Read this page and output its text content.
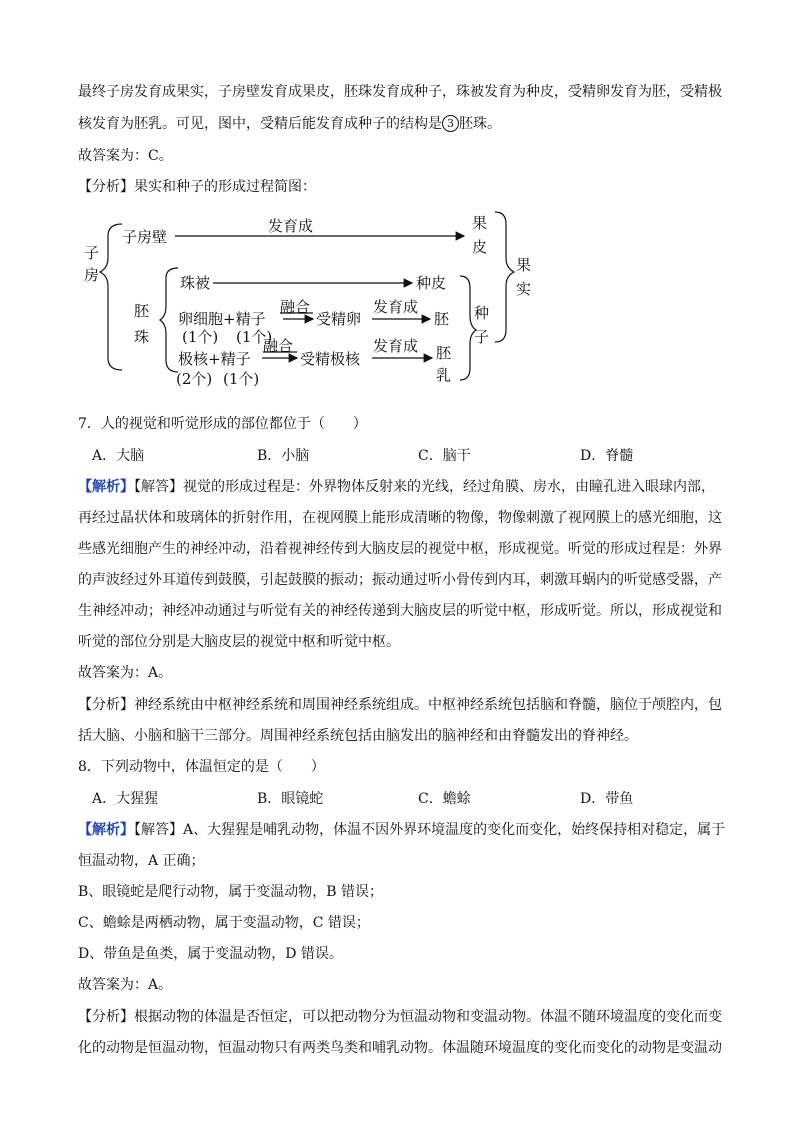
最终子房发育成果实，子房壁发育成果皮，胚珠发育成种子，珠被发育为种皮，受精卵发育为胚，受精极
核发育为胚乳。可见，图中，受精后能发育成种子的结构是 3 胚珠。
故答案为：C。
【分析】果实和种子的形成过程简图：
子
房
子房壁
发育成	果
皮
果
实
胚
珠
珠被	种皮
卵细胞+精子
(1个) (1个)
融合
受精卵
发育成
胚 种
子
极核+精子
(2个) (1个)
融合
受精极核
发育成 胚
乳
7．人的视觉和听觉形成的部位都位于（　　）
A．大脑	B．小脑	C．脑干	D．脊髓
【解析】【解答】视觉的形成过程是：外界物体反射来的光线，经过角膜、房水，由瞳孔进入眼球内部，
再经过晶状体和玻璃体的折射作用，在视网膜上能形成清晰的物像，物像刺激了视网膜上的感光细胞，这
些感光细胞产生的神经冲动，沿着视神经传到大脑皮层的视觉中枢，形成视觉。听觉的形成过程是：外界
的声波经过外耳道传到鼓膜，引起鼓膜的振动；振动通过听小骨传到内耳，刺激耳蜗内的听觉感受器，产
生神经冲动；神经冲动通过与听觉有关的神经传递到大脑皮层的听觉中枢，形成听觉。所以，形成视觉和
听觉的部位分别是大脑皮层的视觉中枢和听觉中枢。
故答案为：A。
【分析】神经系统由中枢神经系统和周围神经系统组成。中枢神经系统包括脑和脊髓，脑位于颅腔内，包
括大脑、小脑和脑干三部分。周围神经系统包括由脑发出的脑神经和由脊髓发出的脊神经。
8．下列动物中，体温恒定的是（　　）
A．大猩猩	B．眼镜蛇	C．蟾蜍	D．带鱼
【解析】【解答】A、大猩猩是哺乳动物，体温不因外界环境温度的变化而变化，始终保持相对稳定，属于
恒温动物，A 正确；
B、眼镜蛇是爬行动物，属于变温动物，B 错误；
C、蟾蜍是两栖动物，属于变温动物，C 错误；
D、带鱼是鱼类，属于变温动物，D 错误。
故答案为：A。
【分析】根据动物的体温是否恒定，可以把动物分为恒温动物和变温动物。体温不随环境温度的变化而变
化的动物是恒温动物，恒温动物只有两类鸟类和哺乳动物。体温随环境温度的变化而变化的动物是变温动
